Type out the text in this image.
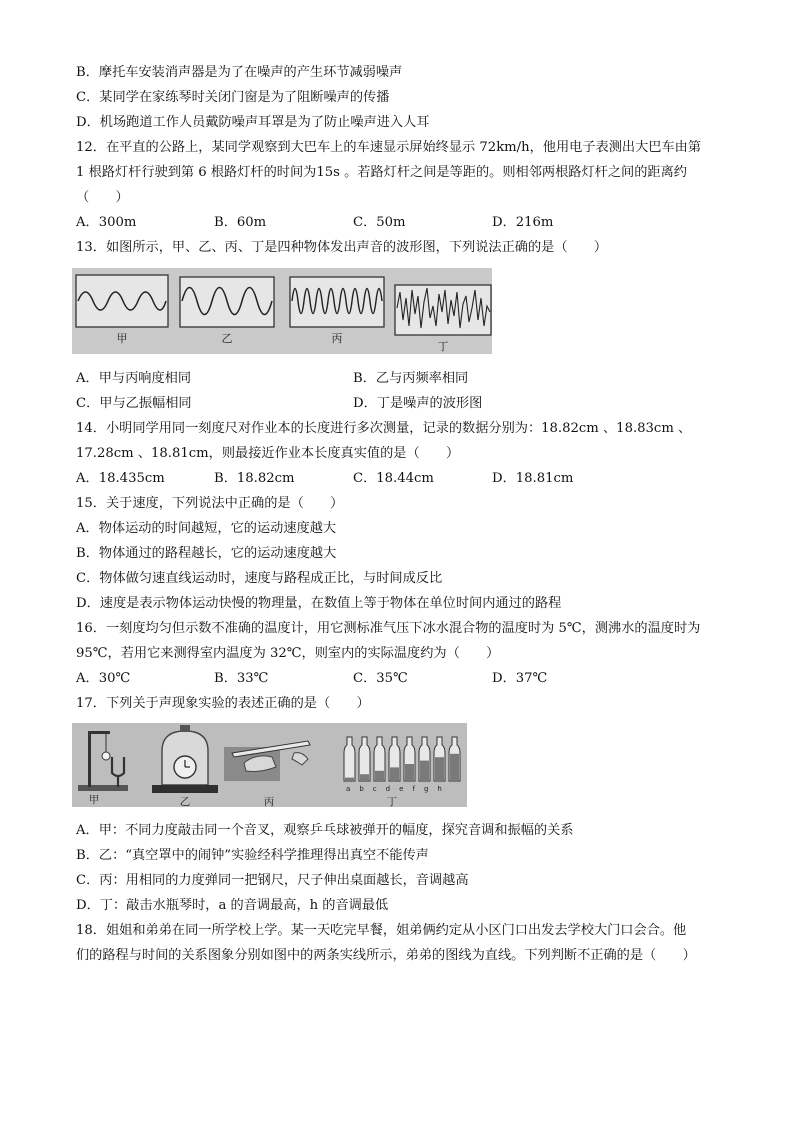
B．摩托车安装消声器是为了在噪声的产生环节减弱噪声
C．某同学在家练琴时关闭门窗是为了阻断噪声的传播
D．机场跑道工作人员戴防噪声耳罩是为了防止噪声进入人耳
12．在平直的公路上，某同学观察到大巴车上的车速显示屏始终显示 72km/h，他用电子表测出大巴车由第
1 根路灯杆行驶到第 6 根路灯杆的时间为15s 。若路灯杆之间是等距的。则相邻两根路灯杆之间的距离约
（　　）
A．300m	B．60m	C．50m	D．216m
13．如图所示，甲、乙、丙、丁是四种物体发出声音的波形图，下列说法正确的是（　　）
甲	乙	丙
丁
A．甲与丙响度相同	B．乙与丙频率相同
C．甲与乙振幅相同	D．丁是噪声的波形图
14．小明同学用同一刻度尺对作业本的长度进行多次测量，记录的数据分别为：18.82cm 、18.83cm 、
17.28cm 、18.81cm，则最接近作业本长度真实值的是（　　）
A．18.435cm	B．18.82cm	C．18.44cm	D．18.81cm
15．关于速度，下列说法中正确的是（　　）
A．物体运动的时间越短，它的运动速度越大
B．物体通过的路程越长，它的运动速度越大
C．物体做匀速直线运动时，速度与路程成正比，与时间成反比
D．速度是表示物体运动快慢的物理量，在数值上等于物体在单位时间内通过的路程
16．一刻度均匀但示数不准确的温度计，用它测标准气压下冰水混合物的温度时为 5℃，测沸水的温度时为
95℃，若用它来测得室内温度为 32℃，则室内的实际温度约为（　　）
A．30℃	B．33℃	C．35℃	D．37℃
17．下列关于声现象实验的表述正确的是（　　）
a b c d e f g h
甲	乙	丙	丁
A．甲：不同力度敲击同一个音叉，观察乒乓球被弹开的幅度，探究音调和振幅的关系
B．乙：“真空罩中的闹钟”实验经科学推理得出真空不能传声
C．丙：用相同的力度弹同一把钢尺，尺子伸出桌面越长，音调越高
D．丁：敲击水瓶琴时，a 的音调最高，h 的音调最低
18．姐姐和弟弟在同一所学校上学。某一天吃完早餐，姐弟俩约定从小区门口出发去学校大门口会合。他
们的路程与时间的关系图象分别如图中的两条实线所示，弟弟的图线为直线。下列判断不正确的是（　　）
